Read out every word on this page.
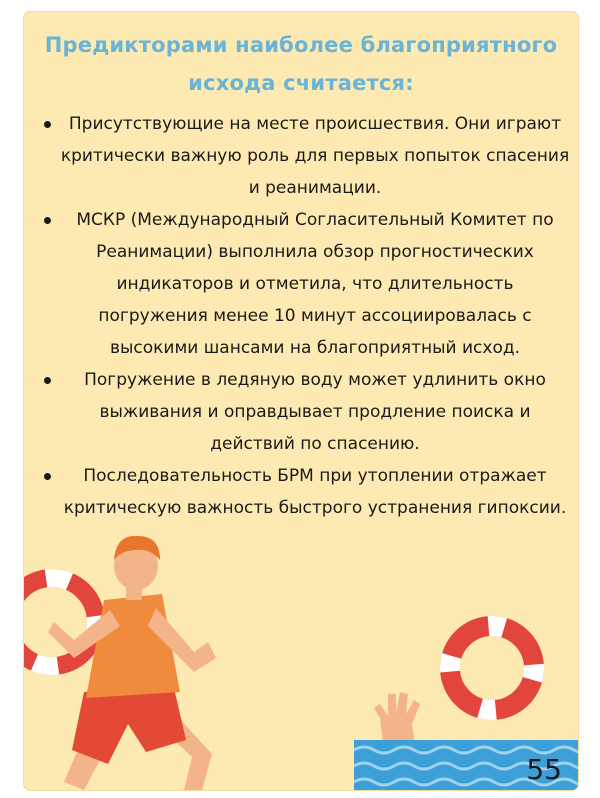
Предикторами наиболее благоприятного
исхода считается:
Присутствующие на месте происшествия. Они играют критически важную роль для первых попыток спасения и реанимации.
МСКР (Международный Согласительный Комитет по Реанимации) выполнила обзор прогностических индикаторов и отметила, что длительность погружения менее 10 минут ассоциировалась с высокими шансами на благоприятный исход.
Погружение в ледяную воду может удлинить окно выживания и оправдывает продление поиска и действий по спасению.
Последовательность БРМ при утоплении отражает критическую важность быстрого устранения гипоксии.
55
